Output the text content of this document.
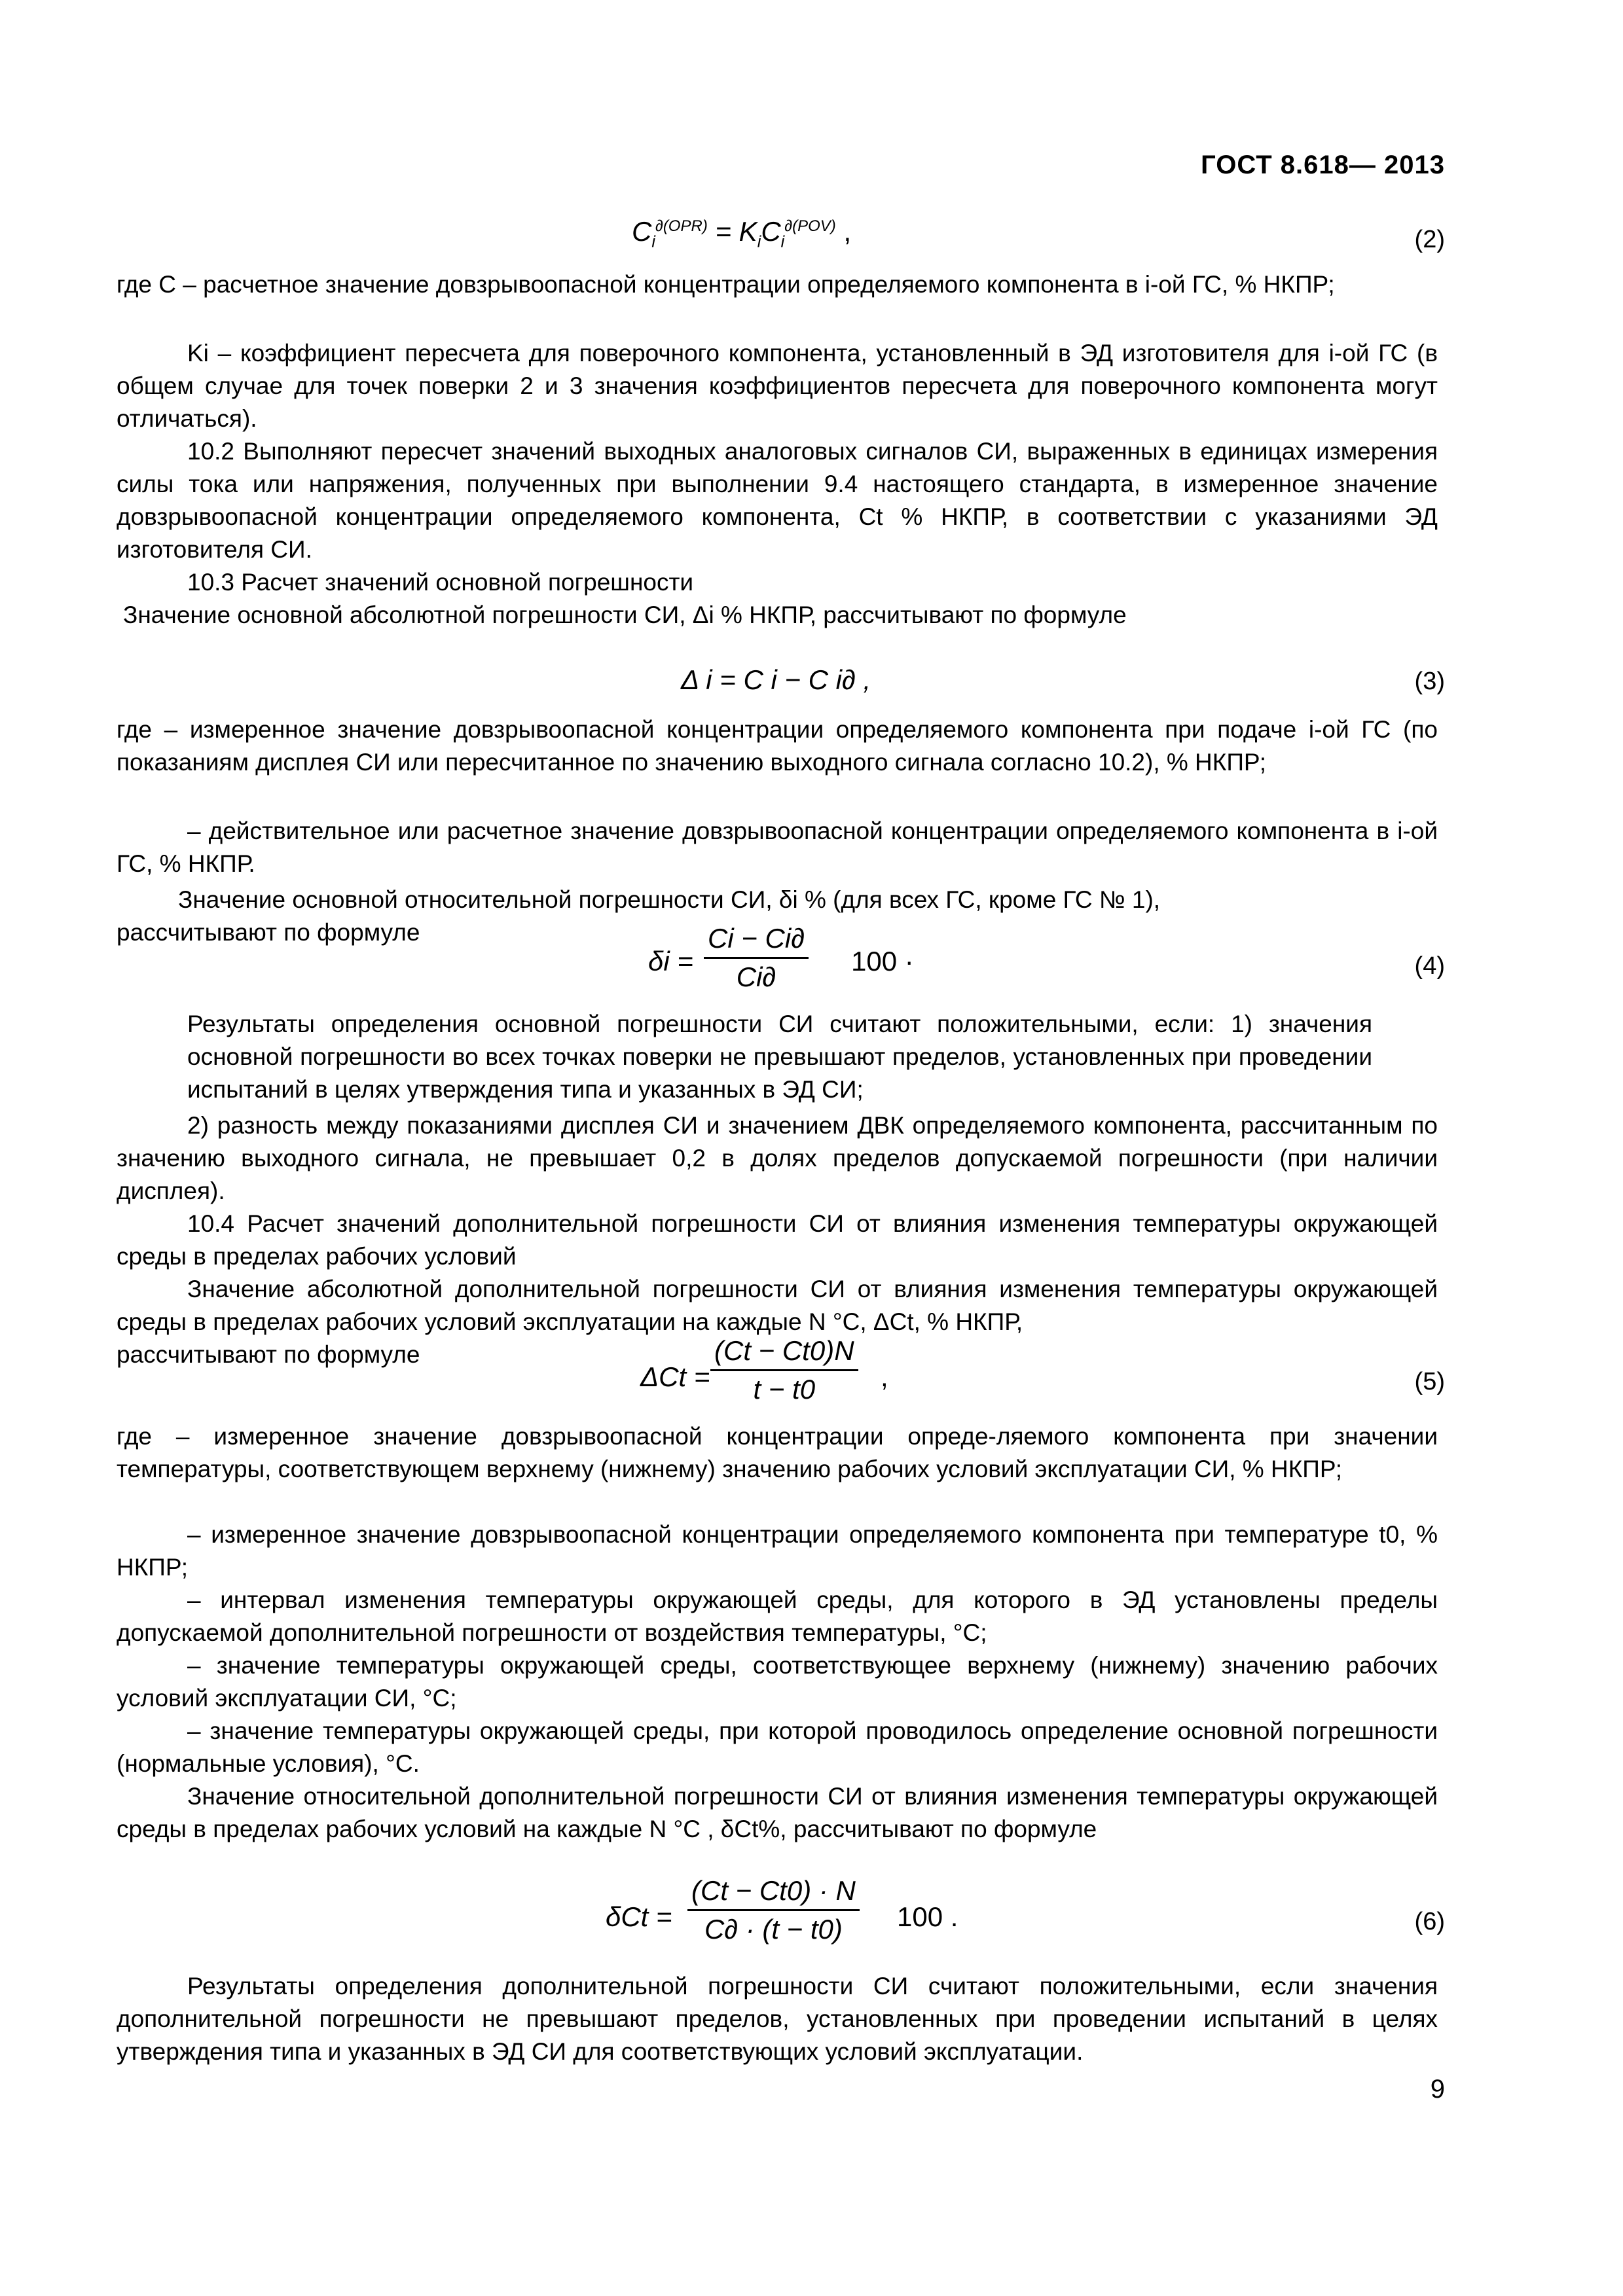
ГОСТ 8.618— 2013
$C_i^{\partial(OPR)} = K_iC_i^{\partial(POV)}$ ,	(2)
где C ‒ расчетное значение довзрывоопасной концентрации определяемого компонента в i-ой ГС, % НКПР;
Ki – коэффициент пересчета для поверочного компонента, установленный в ЭД изготовителя для i-ой ГС (в общем случае для точек поверки 2 и 3 значения коэффициентов пересчета для поверочного компонента могут отличаться).
10.2 Выполняют пересчет значений выходных аналоговых сигналов СИ, выраженных в единицах измерения силы тока или напряжения, полученных при выполнении 9.4 настоящего стандарта, в измеренное значение довзрывоопасной концентрации определяемого компонента, Ct % НКПР, в соответствии с указаниями ЭД изготовителя СИ.
10.3 Расчет значений основной погрешности
Значение основной абсолютной погрешности СИ, Δi % НКПР, рассчитывают по формуле
Δ i = C i − C i∂ ,	(3)
где – измеренное значение довзрывоопасной концентрации определяемого компонента при подаче i-ой ГС (по показаниям дисплея СИ или пересчитанное по значению выходного сигнала согласно 10.2), % НКПР;
– действительное или расчетное значение довзрывоопасной концентрации определяемого компонента в i-ой ГС, % НКПР.
Значение основной относительной погрешности СИ, δi % (для всех ГС, кроме ГС № 1),
рассчитывают по формуле
$\delta i = \frac{Ci - Ci\partial}{Ci\partial} 100$ ·	(4)
Результаты определения основной погрешности СИ считают положительными, если: 1) значения основной погрешности во всех точках поверки не превышают пределов, установленных при проведении испытаний в целях утверждения типа и указанных в ЭД СИ;
2) разность между показаниями дисплея СИ и значением ДВК определяемого компонента, рассчитанным по значению выходного сигнала, не превышает 0,2 в долях пределов допускаемой погрешности (при наличии дисплея).
10.4 Расчет значений дополнительной погрешности СИ от влияния изменения температуры окружающей среды в пределах рабочих условий
Значение абсолютной дополнительной погрешности СИ от влияния изменения температуры окружающей среды в пределах рабочих условий эксплуатации на каждые N °С, ΔCt, % НКПР,
рассчитывают по формуле
$\Delta Ct = \frac{(Ct - Ct0)N}{t - t0}$ ,	(5)
где – измеренное значение довзрывоопасной концентрации опреде-ляемого компонента при значении температуры, соответствующем верхнему (нижнему) значению рабочих условий эксплуатации СИ, % НКПР;
– измеренное значение довзрывоопасной концентрации определяемого компонента при температуре t0, % НКПР;
– интервал изменения температуры окружающей среды, для которого в ЭД установлены пределы допускаемой дополнительной погрешности от воздействия температуры, °С;
– значение температуры окружающей среды, соответствующее верхнему (нижнему) значению рабочих условий эксплуатации СИ, °С;
– значение температуры окружающей среды, при которой проводилось определение основной погрешности (нормальные условия), °С.
Значение относительной дополнительной погрешности СИ от влияния изменения температуры окружающей среды в пределах рабочих условий на каждые N °С , δCt%, рассчитывают по формуле
$\delta Ct = \frac{(Ct - Ct0) \cdot N}{C\partial \cdot (t - t0)} 100$ .	(6)
Результаты определения дополнительной погрешности СИ считают положительными, если значения дополнительной погрешности не превышают пределов, установленных при проведении испытаний в целях утверждения типа и указанных в ЭД СИ для соответствующих условий эксплуатации.
9
